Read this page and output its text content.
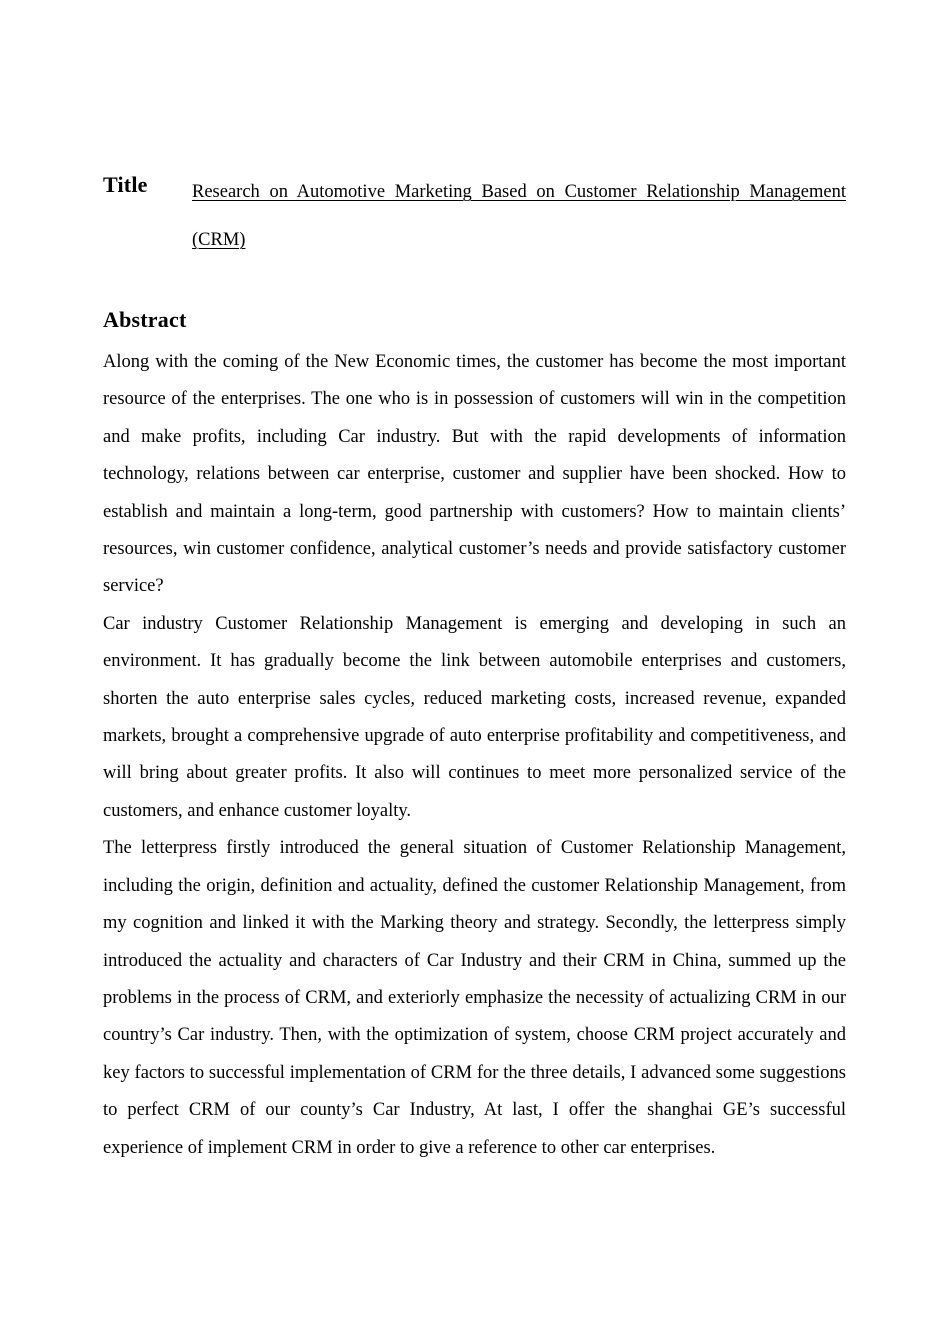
Title Research on Automotive Marketing Based on Customer Relationship Management (CRM)
Abstract

Along with the coming of the New Economic times, the customer has become the most important resource of the enterprises. The one who is in possession of customers will win in the competition and make profits, including Car industry. But with the rapid developments of information technology, relations between car enterprise, customer and supplier have been shocked. How to establish and maintain a long-term, good partnership with customers? How to maintain clients’ resources, win customer confidence, analytical customer’s needs and provide satisfactory customer service?

Car industry Customer Relationship Management is emerging and developing in such an environment. It has gradually become the link between automobile enterprises and customers, shorten the auto enterprise sales cycles, reduced marketing costs, increased revenue, expanded markets, brought a comprehensive upgrade of auto enterprise profitability and competitiveness, and will bring about greater profits. It also will continues to meet more personalized service of the customers, and enhance customer loyalty.

The letterpress firstly introduced the general situation of Customer Relationship Management, including the origin, definition and actuality, defined the customer Relationship Management, from my cognition and linked it with the Marking theory and strategy. Secondly, the letterpress simply introduced the actuality and characters of Car Industry and their CRM in China, summed up the problems in the process of CRM, and exteriorly emphasize the necessity of actualizing CRM in our country’s Car industry. Then, with the optimization of system, choose CRM project accurately and key factors to successful implementation of CRM for the three details, I advanced some suggestions to perfect CRM of our county’s Car Industry, At last, I offer the shanghai GE’s successful experience of implement CRM in order to give a reference to other car enterprises.
